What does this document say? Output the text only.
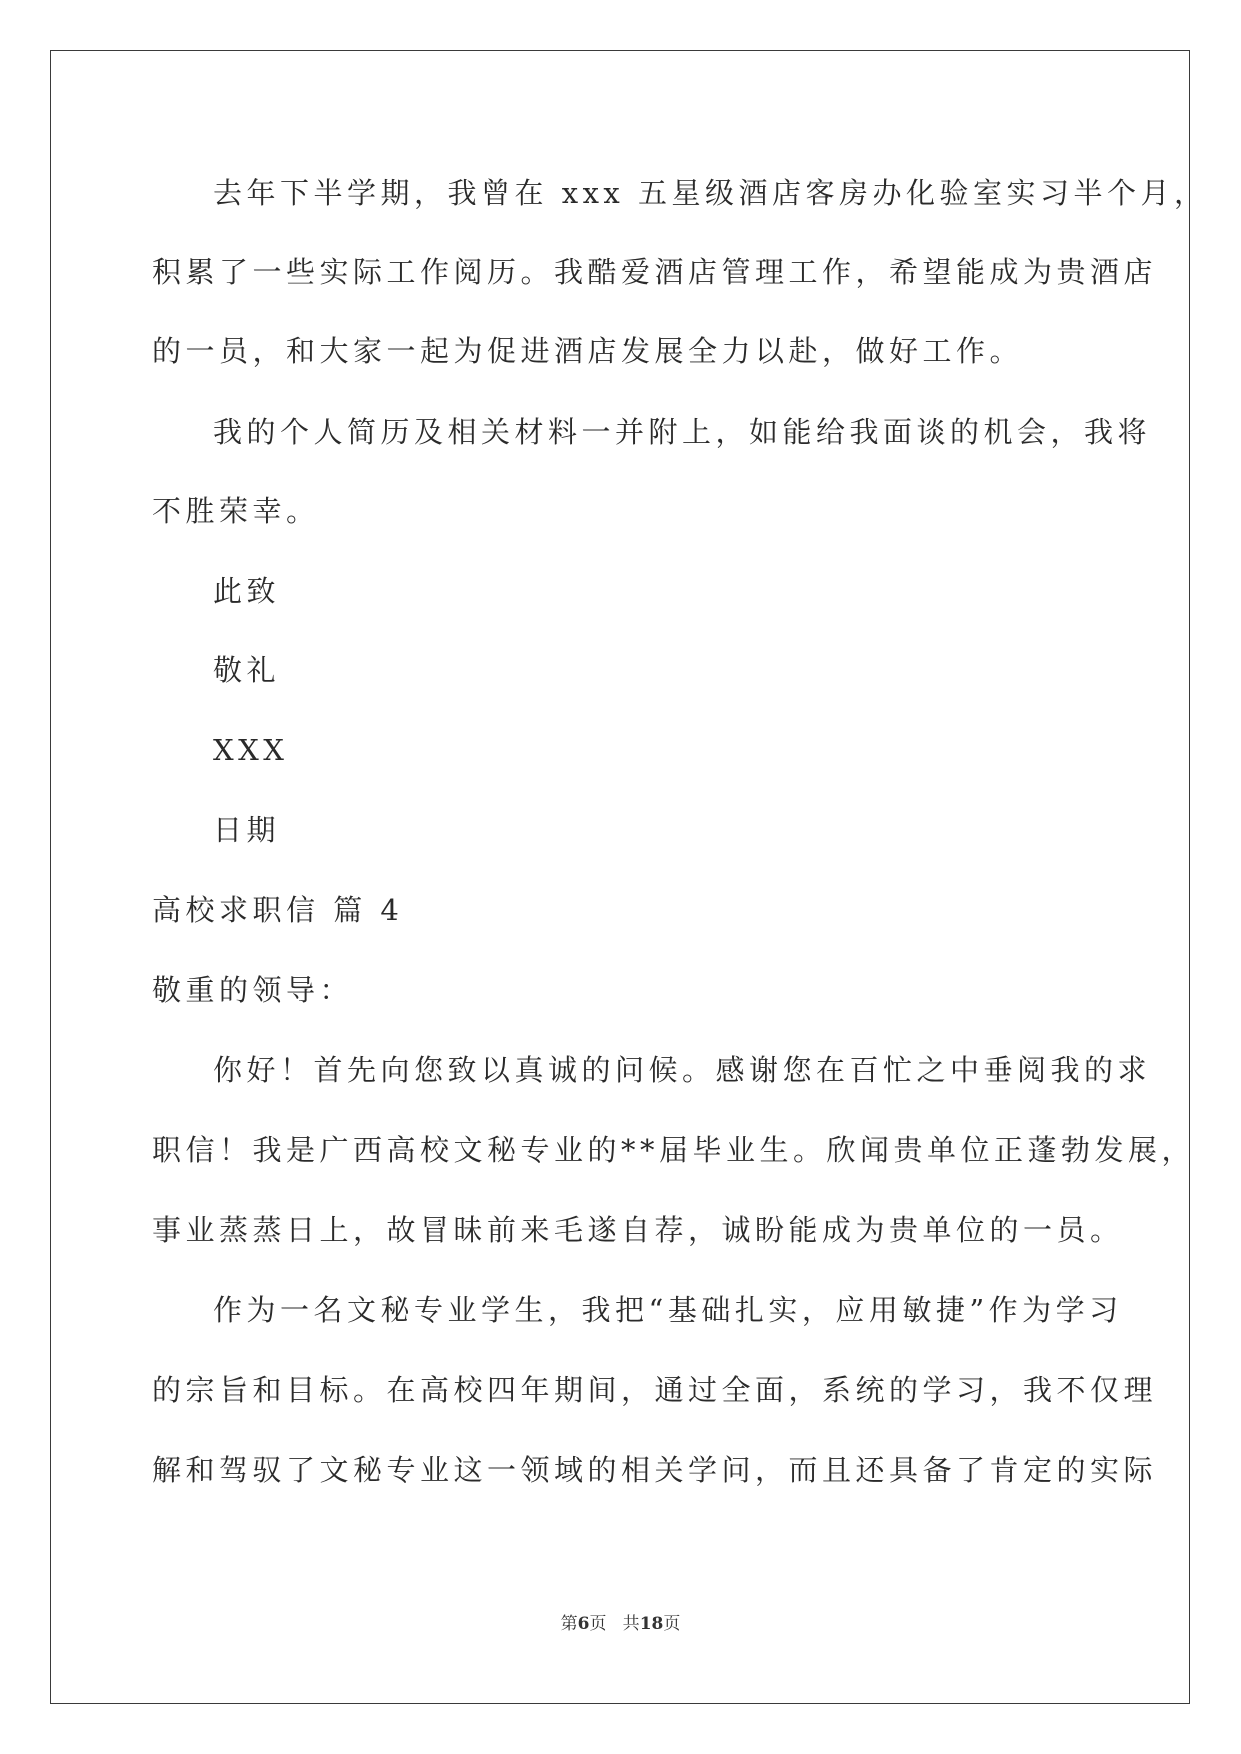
去年下半学期，我曾在 xxx 五星级酒店客房办化验室实习半个月，

积累了一些实际工作阅历。我酷爱酒店管理工作，希望能成为贵酒店

的一员，和大家一起为促进酒店发展全力以赴，做好工作。

我的个人简历及相关材料一并附上，如能给我面谈的机会，我将

不胜荣幸。

此致

敬礼

XXX

日期

高校求职信 篇 4

敬重的领导：

你好！首先向您致以真诚的问候。感谢您在百忙之中垂阅我的求

职信！我是广西高校文秘专业的**届毕业生。欣闻贵单位正蓬勃发展，

事业蒸蒸日上，故冒昧前来毛遂自荐，诚盼能成为贵单位的一员。

作为一名文秘专业学生，我把“基础扎实，应用敏捷”作为学习

的宗旨和目标。在高校四年期间，通过全面，系统的学习，我不仅理

解和驾驭了文秘专业这一领域的相关学问，而且还具备了肯定的实际

第6页   共18页
